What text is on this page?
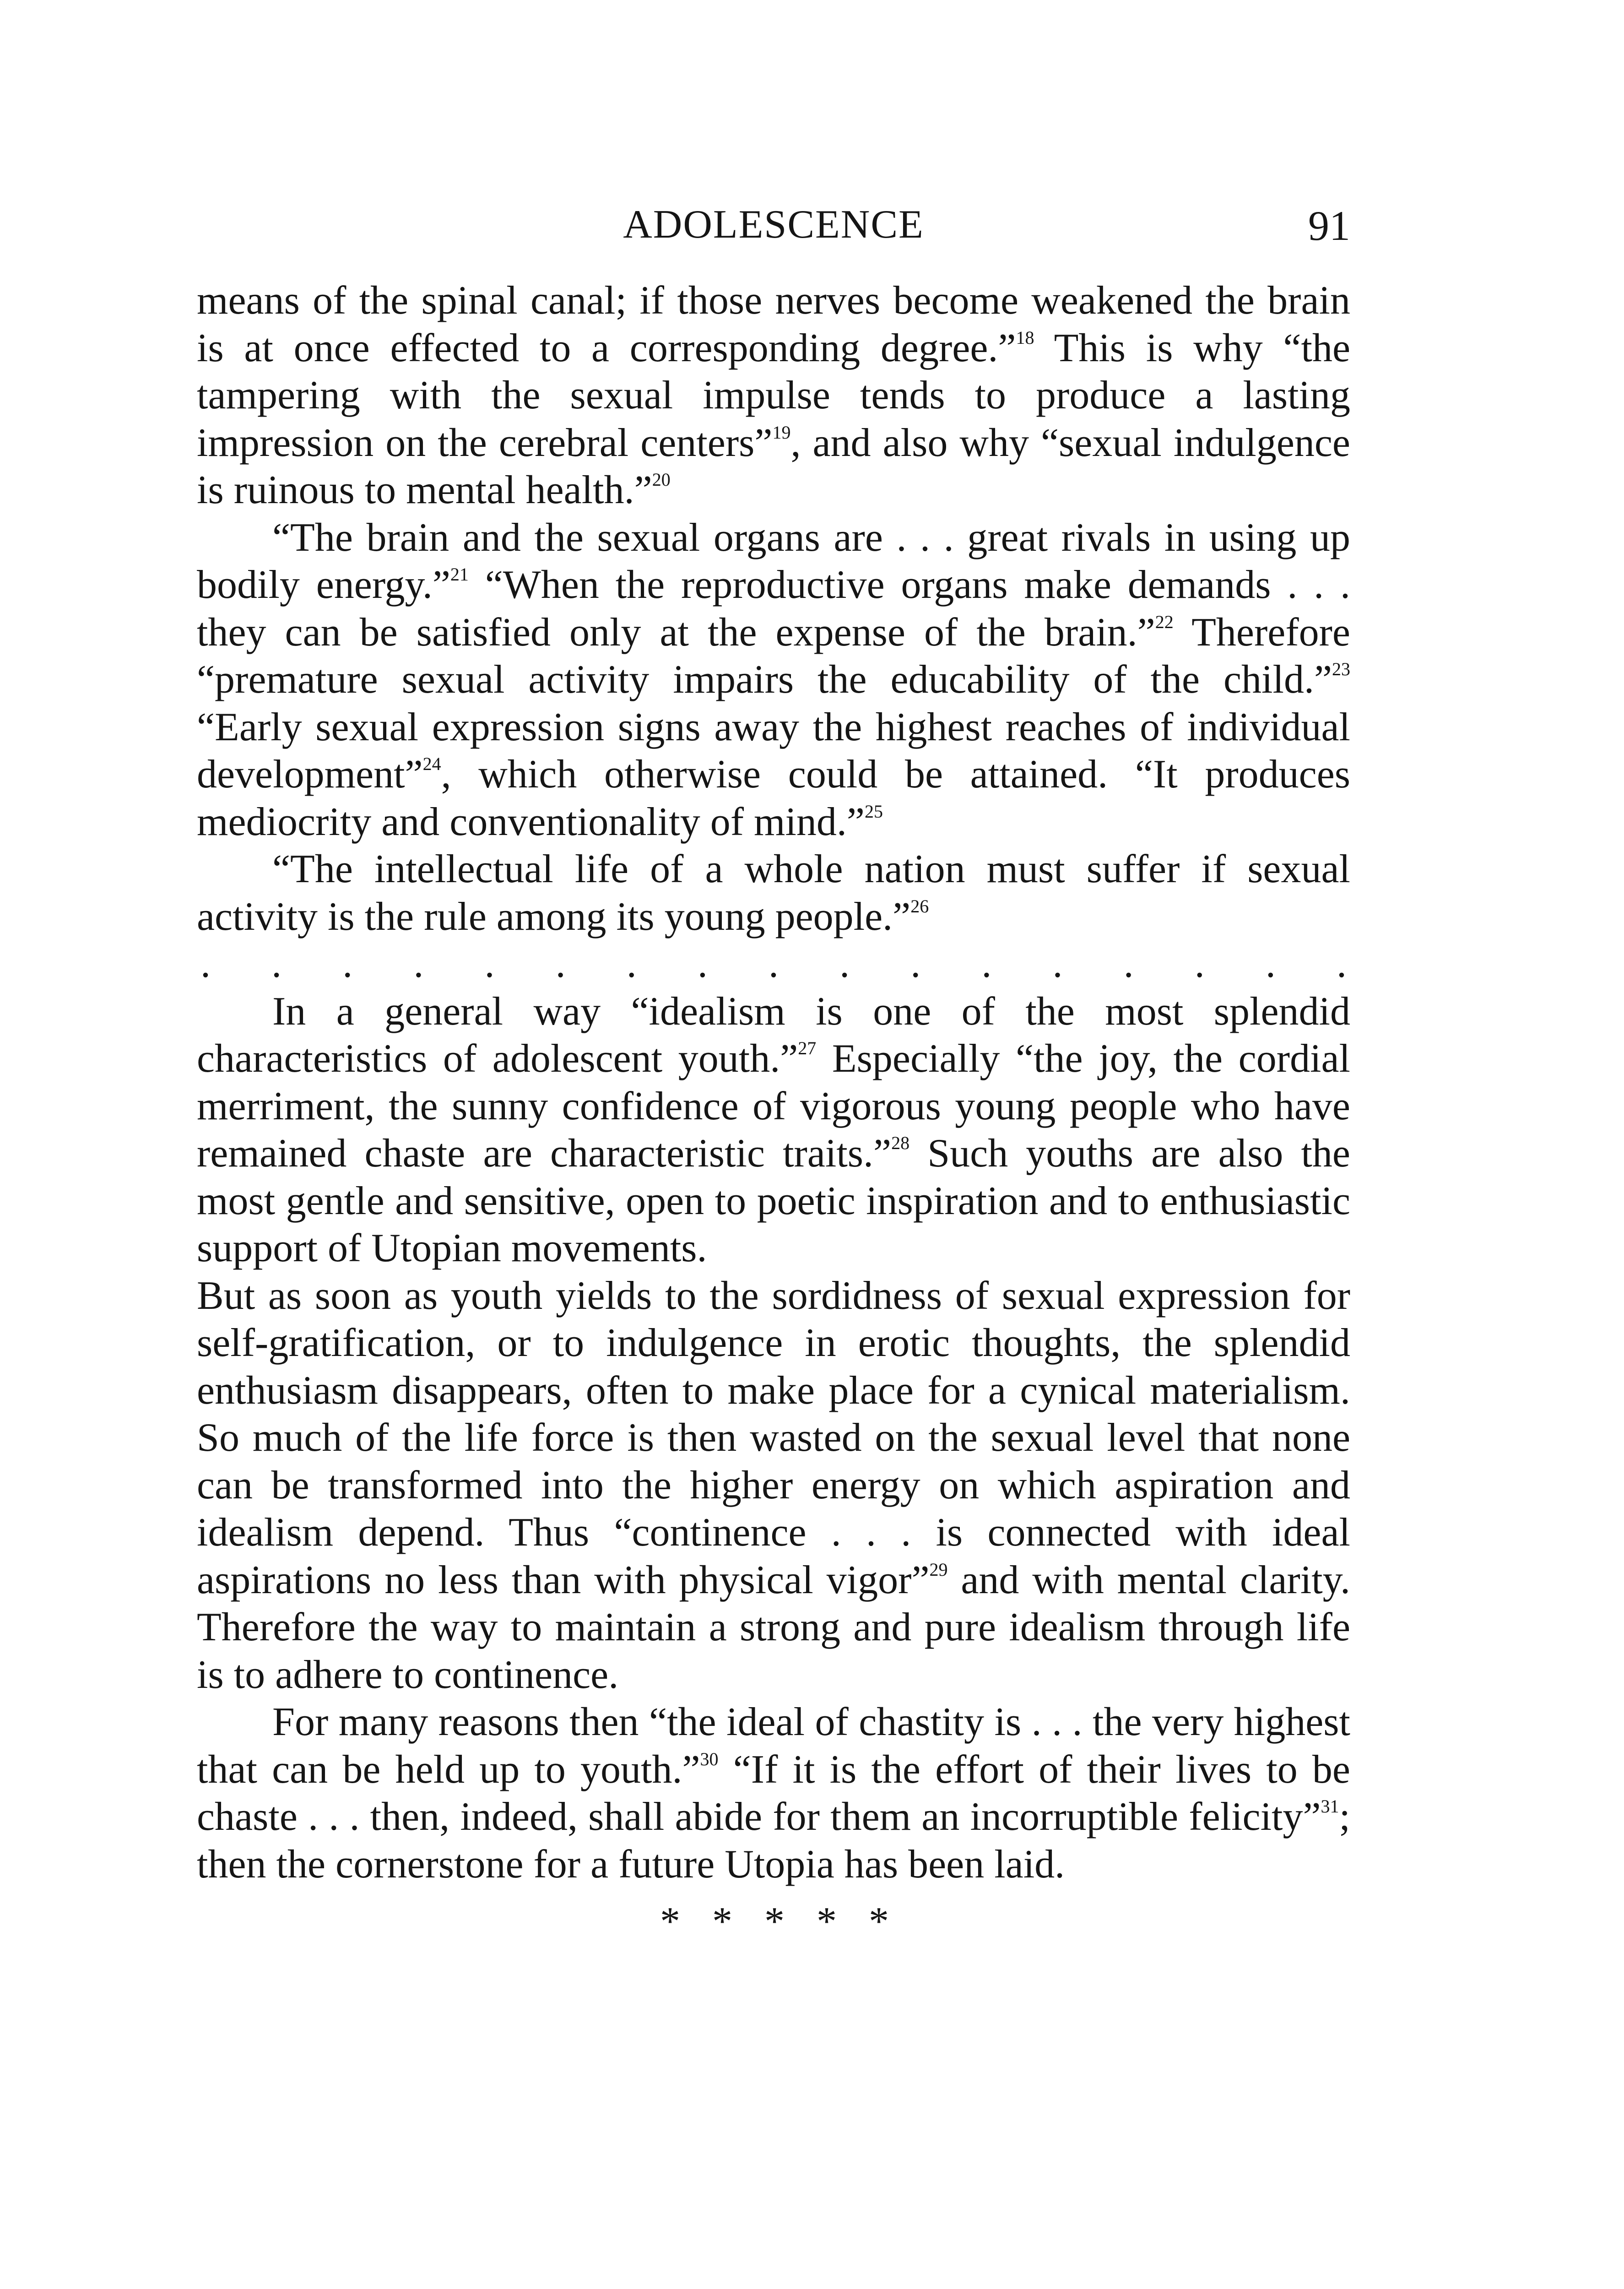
ADOLESCENCE	91

means of the spinal canal; if those nerves become weakened the brain is at once effected to a corresponding degree.”$^{18}$ This is why “the tampering with the sexual impulse tends to produce a lasting impression on the cerebral centers”$^{19}$, and also why “sexual indulgence is ruinous to mental health.”$^{20}$

“The brain and the sexual organs are . . . great rivals in using up bodily energy.”$^{21}$ “When the reproductive organs make demands . . . they can be satisfied only at the expense of the brain.”$^{22}$ Therefore “premature sexual activity impairs the educability of the child.”$^{23}$ “Early sexual expression signs away the highest reaches of individual development”$^{24}$, which otherwise could be attained. “It produces mediocrity and conventionality of mind.”$^{25}$

“The intellectual life of a whole nation must suffer if sexual activity is the rule among its young people.”$^{26}$

. . . . . . . . . . . . . . . . .

In a general way “idealism is one of the most splendid characteristics of adolescent youth.”$^{27}$ Especially “the joy, the cordial merriment, the sunny confidence of vigorous young people who have remained chaste are characteristic traits.”$^{28}$ Such youths are also the most gentle and sensitive, open to poetic inspiration and to enthusiastic support of Utopian movements.

But as soon as youth yields to the sordidness of sexual expression for self-gratification, or to indulgence in erotic thoughts, the splendid enthusiasm disappears, often to make place for a cynical materialism. So much of the life force is then wasted on the sexual level that none can be transformed into the higher energy on which aspiration and idealism depend. Thus “continence . . . is connected with ideal aspirations no less than with physical vigor”$^{29}$ and with mental clarity. Therefore the way to maintain a strong and pure idealism through life is to adhere to continence.

For many reasons then “the ideal of chastity is . . . the very highest that can be held up to youth.”$^{30}$ “If it is the effort of their lives to be chaste . . . then, indeed, shall abide for them an incorruptible felicity”$^{31}$; then the cornerstone for a future Utopia has been laid.

* * * * *
